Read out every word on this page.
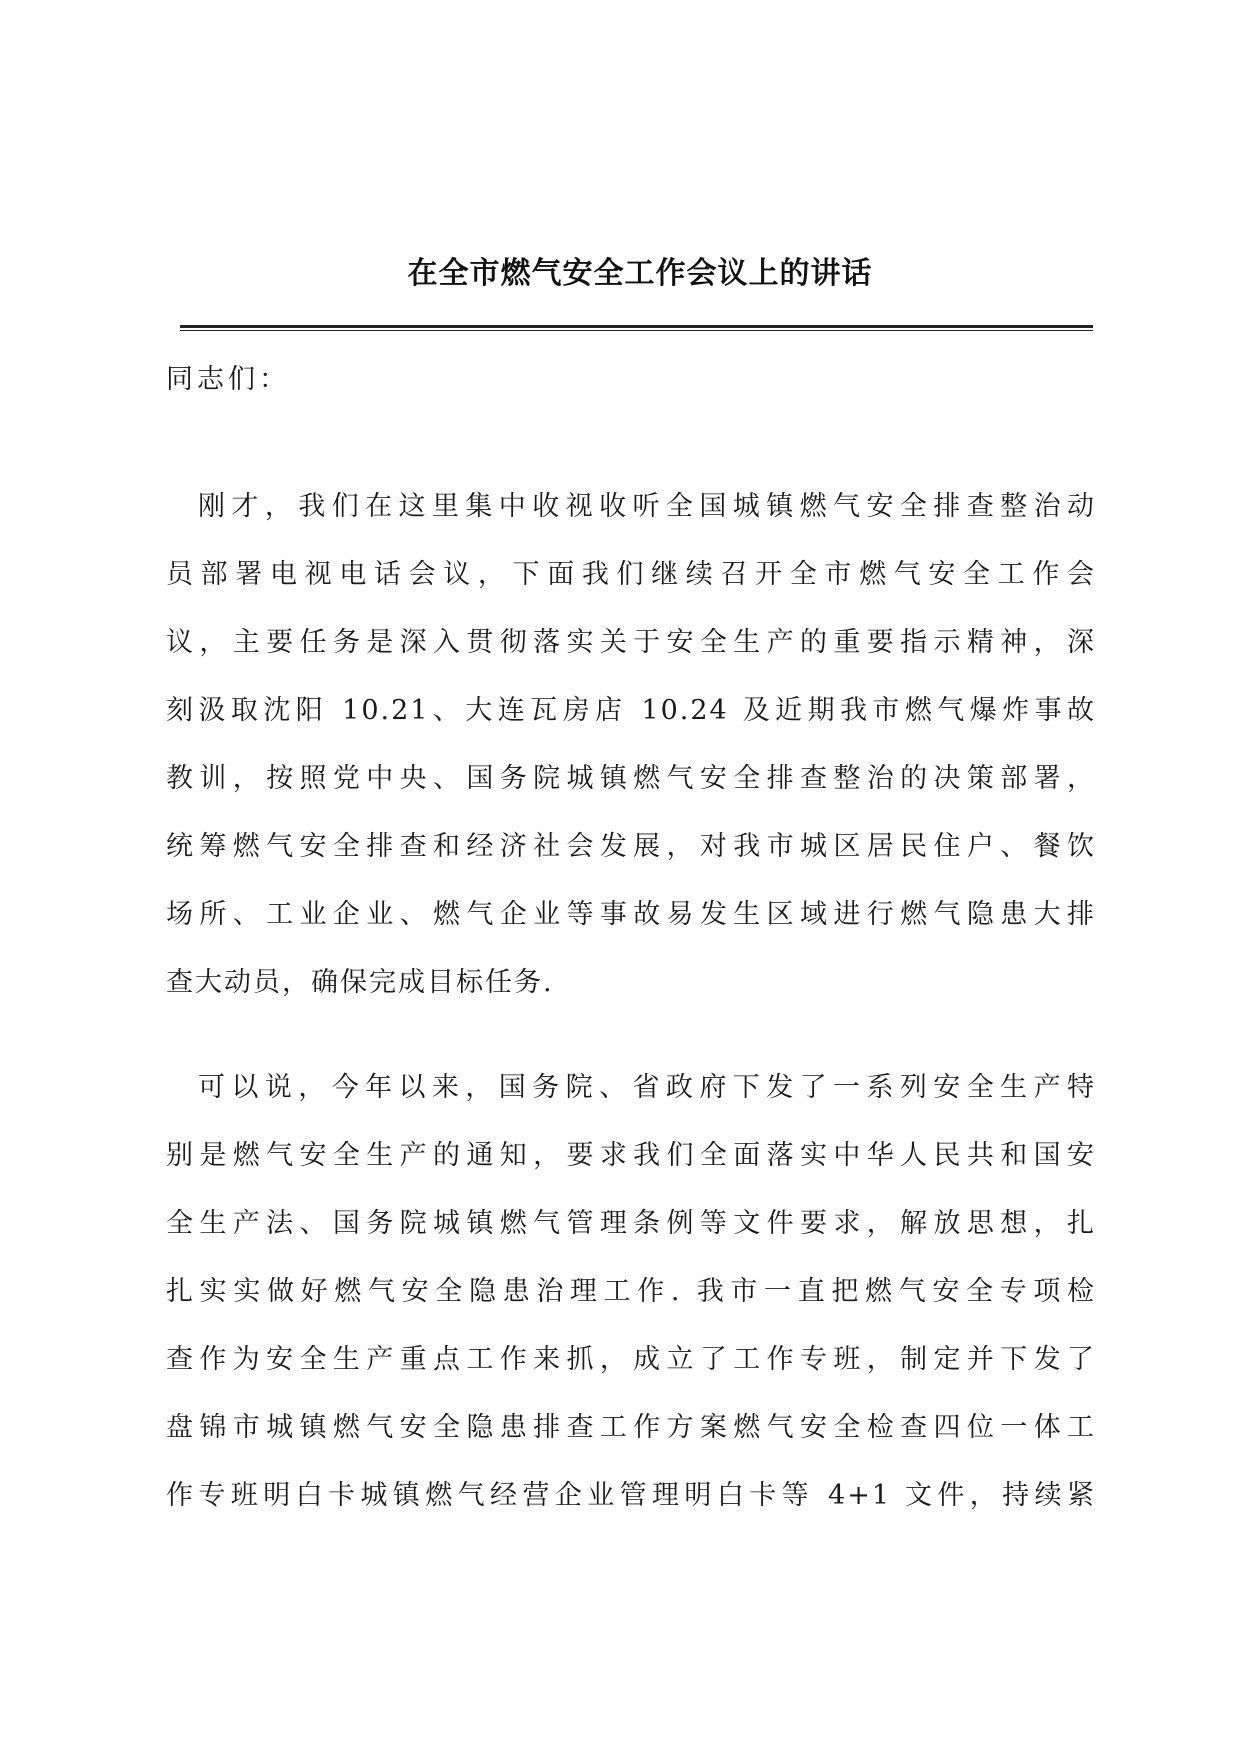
在全市燃气安全工作会议上的讲话
同志们：
刚才，我们在这里集中收视收听全国城镇燃气安全排查整治动
员部署电视电话会议，下面我们继续召开全市燃气安全工作会
议，主要任务是深入贯彻落实关于安全生产的重要指示精神，深
刻汲取沈阳 10.21、大连瓦房店 10.24 及近期我市燃气爆炸事故
教训，按照党中央、国务院城镇燃气安全排查整治的决策部署，
统筹燃气安全排查和经济社会发展，对我市城区居民住户、餐饮
场所、工业企业、燃气企业等事故易发生区域进行燃气隐患大排
查大动员，确保完成目标任务.
可以说，今年以来，国务院、省政府下发了一系列安全生产特
别是燃气安全生产的通知，要求我们全面落实中华人民共和国安
全生产法、国务院城镇燃气管理条例等文件要求，解放思想，扎
扎实实做好燃气安全隐患治理工作. 我市一直把燃气安全专项检
查作为安全生产重点工作来抓，成立了工作专班，制定并下发了
盘锦市城镇燃气安全隐患排查工作方案燃气安全检查四位一体工
作专班明白卡城镇燃气经营企业管理明白卡等 4+1 文件，持续紧
